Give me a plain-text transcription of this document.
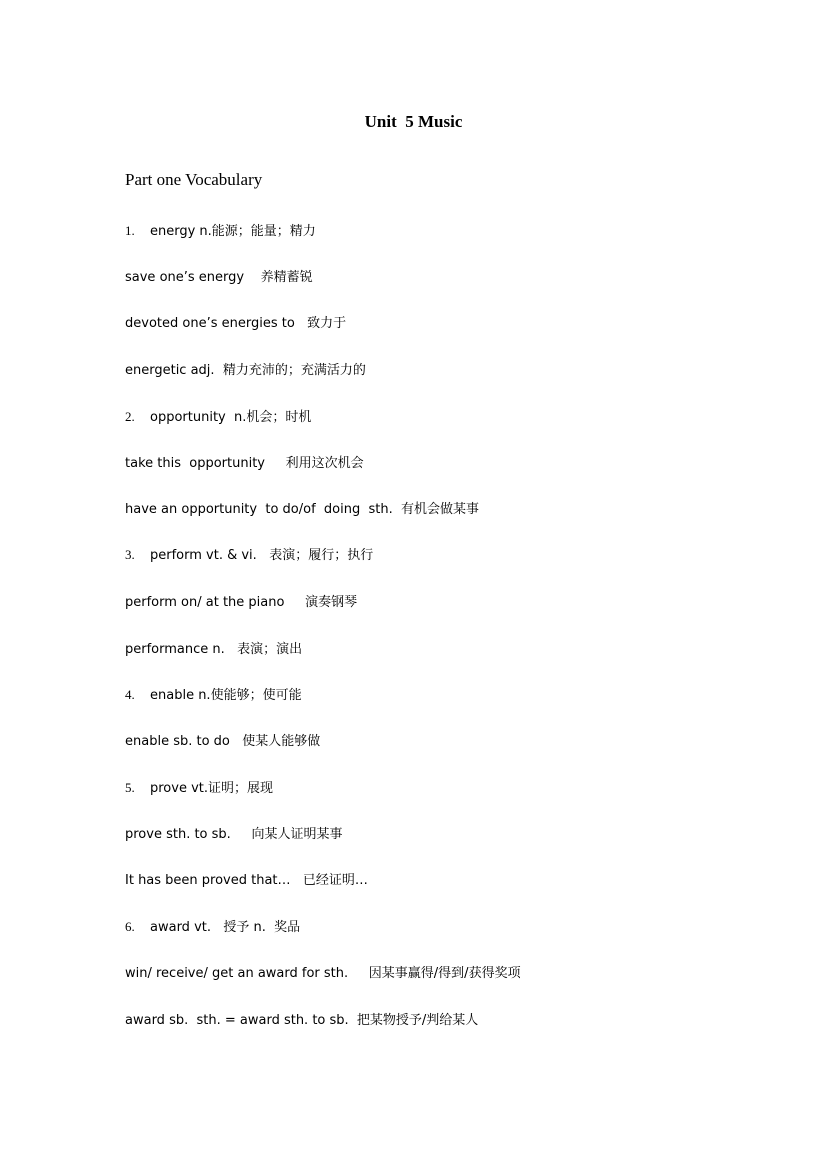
Unit  5 Music
Part one Vocabulary
1. energy n.能源；能量；精力
save one’s energy    养精蓄锐
devoted one’s energies to   致力于
energetic adj.  精力充沛的；充满活力的
2. opportunity  n.机会；时机
take this  opportunity     利用这次机会
have an opportunity  to do/of  doing  sth.  有机会做某事
3. perform vt. & vi.   表演；履行；执行
perform on/ at the piano     演奏钢琴
performance n.   表演；演出
4. enable n.使能够；使可能
enable sb. to do   使某人能够做
5. prove vt.证明；展现
prove sth. to sb.     向某人证明某事
It has been proved that…   已经证明…
6. award vt.   授予 n.  奖品
win/ receive/ get an award for sth.     因某事赢得/得到/获得奖项
award sb.  sth. = award sth. to sb.  把某物授予/判给某人
